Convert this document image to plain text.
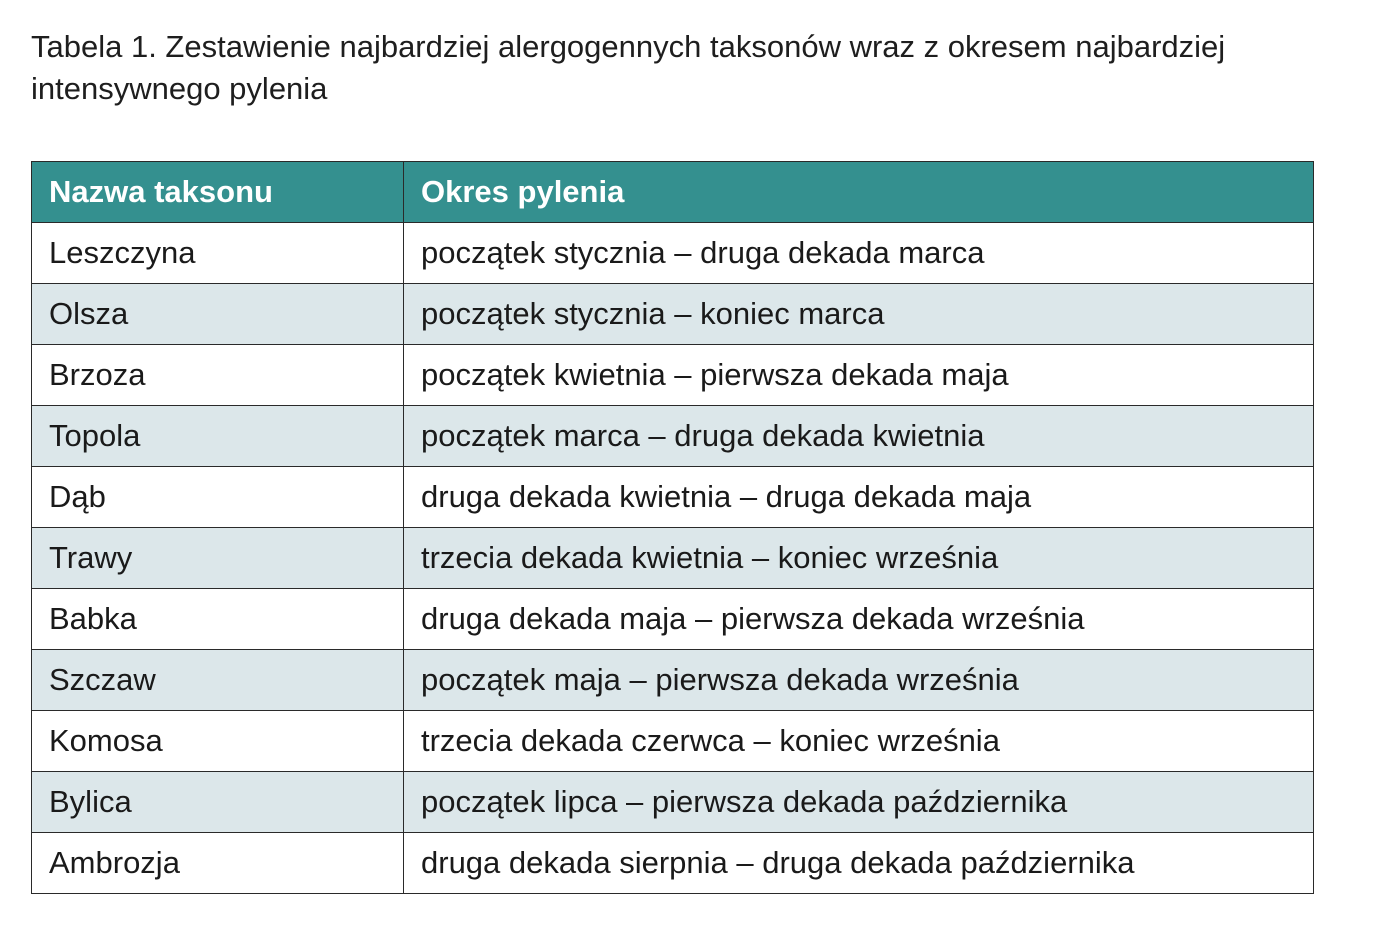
Tabela 1. Zestawienie najbardziej alergogennych taksonów wraz z okresem najbardziej intensywnego pylenia

Nazwa taksonu	Okres pylenia
Leszczyna	początek stycznia – druga dekada marca
Olsza	początek stycznia – koniec marca
Brzoza	początek kwietnia – pierwsza dekada maja
Topola	początek marca – druga dekada kwietnia
Dąb	druga dekada kwietnia – druga dekada maja
Trawy	trzecia dekada kwietnia – koniec września
Babka	druga dekada maja – pierwsza dekada września
Szczaw	początek maja – pierwsza dekada września
Komosa	trzecia dekada czerwca – koniec września
Bylica	początek lipca – pierwsza dekada października
Ambrozja	druga dekada sierpnia – druga dekada października
